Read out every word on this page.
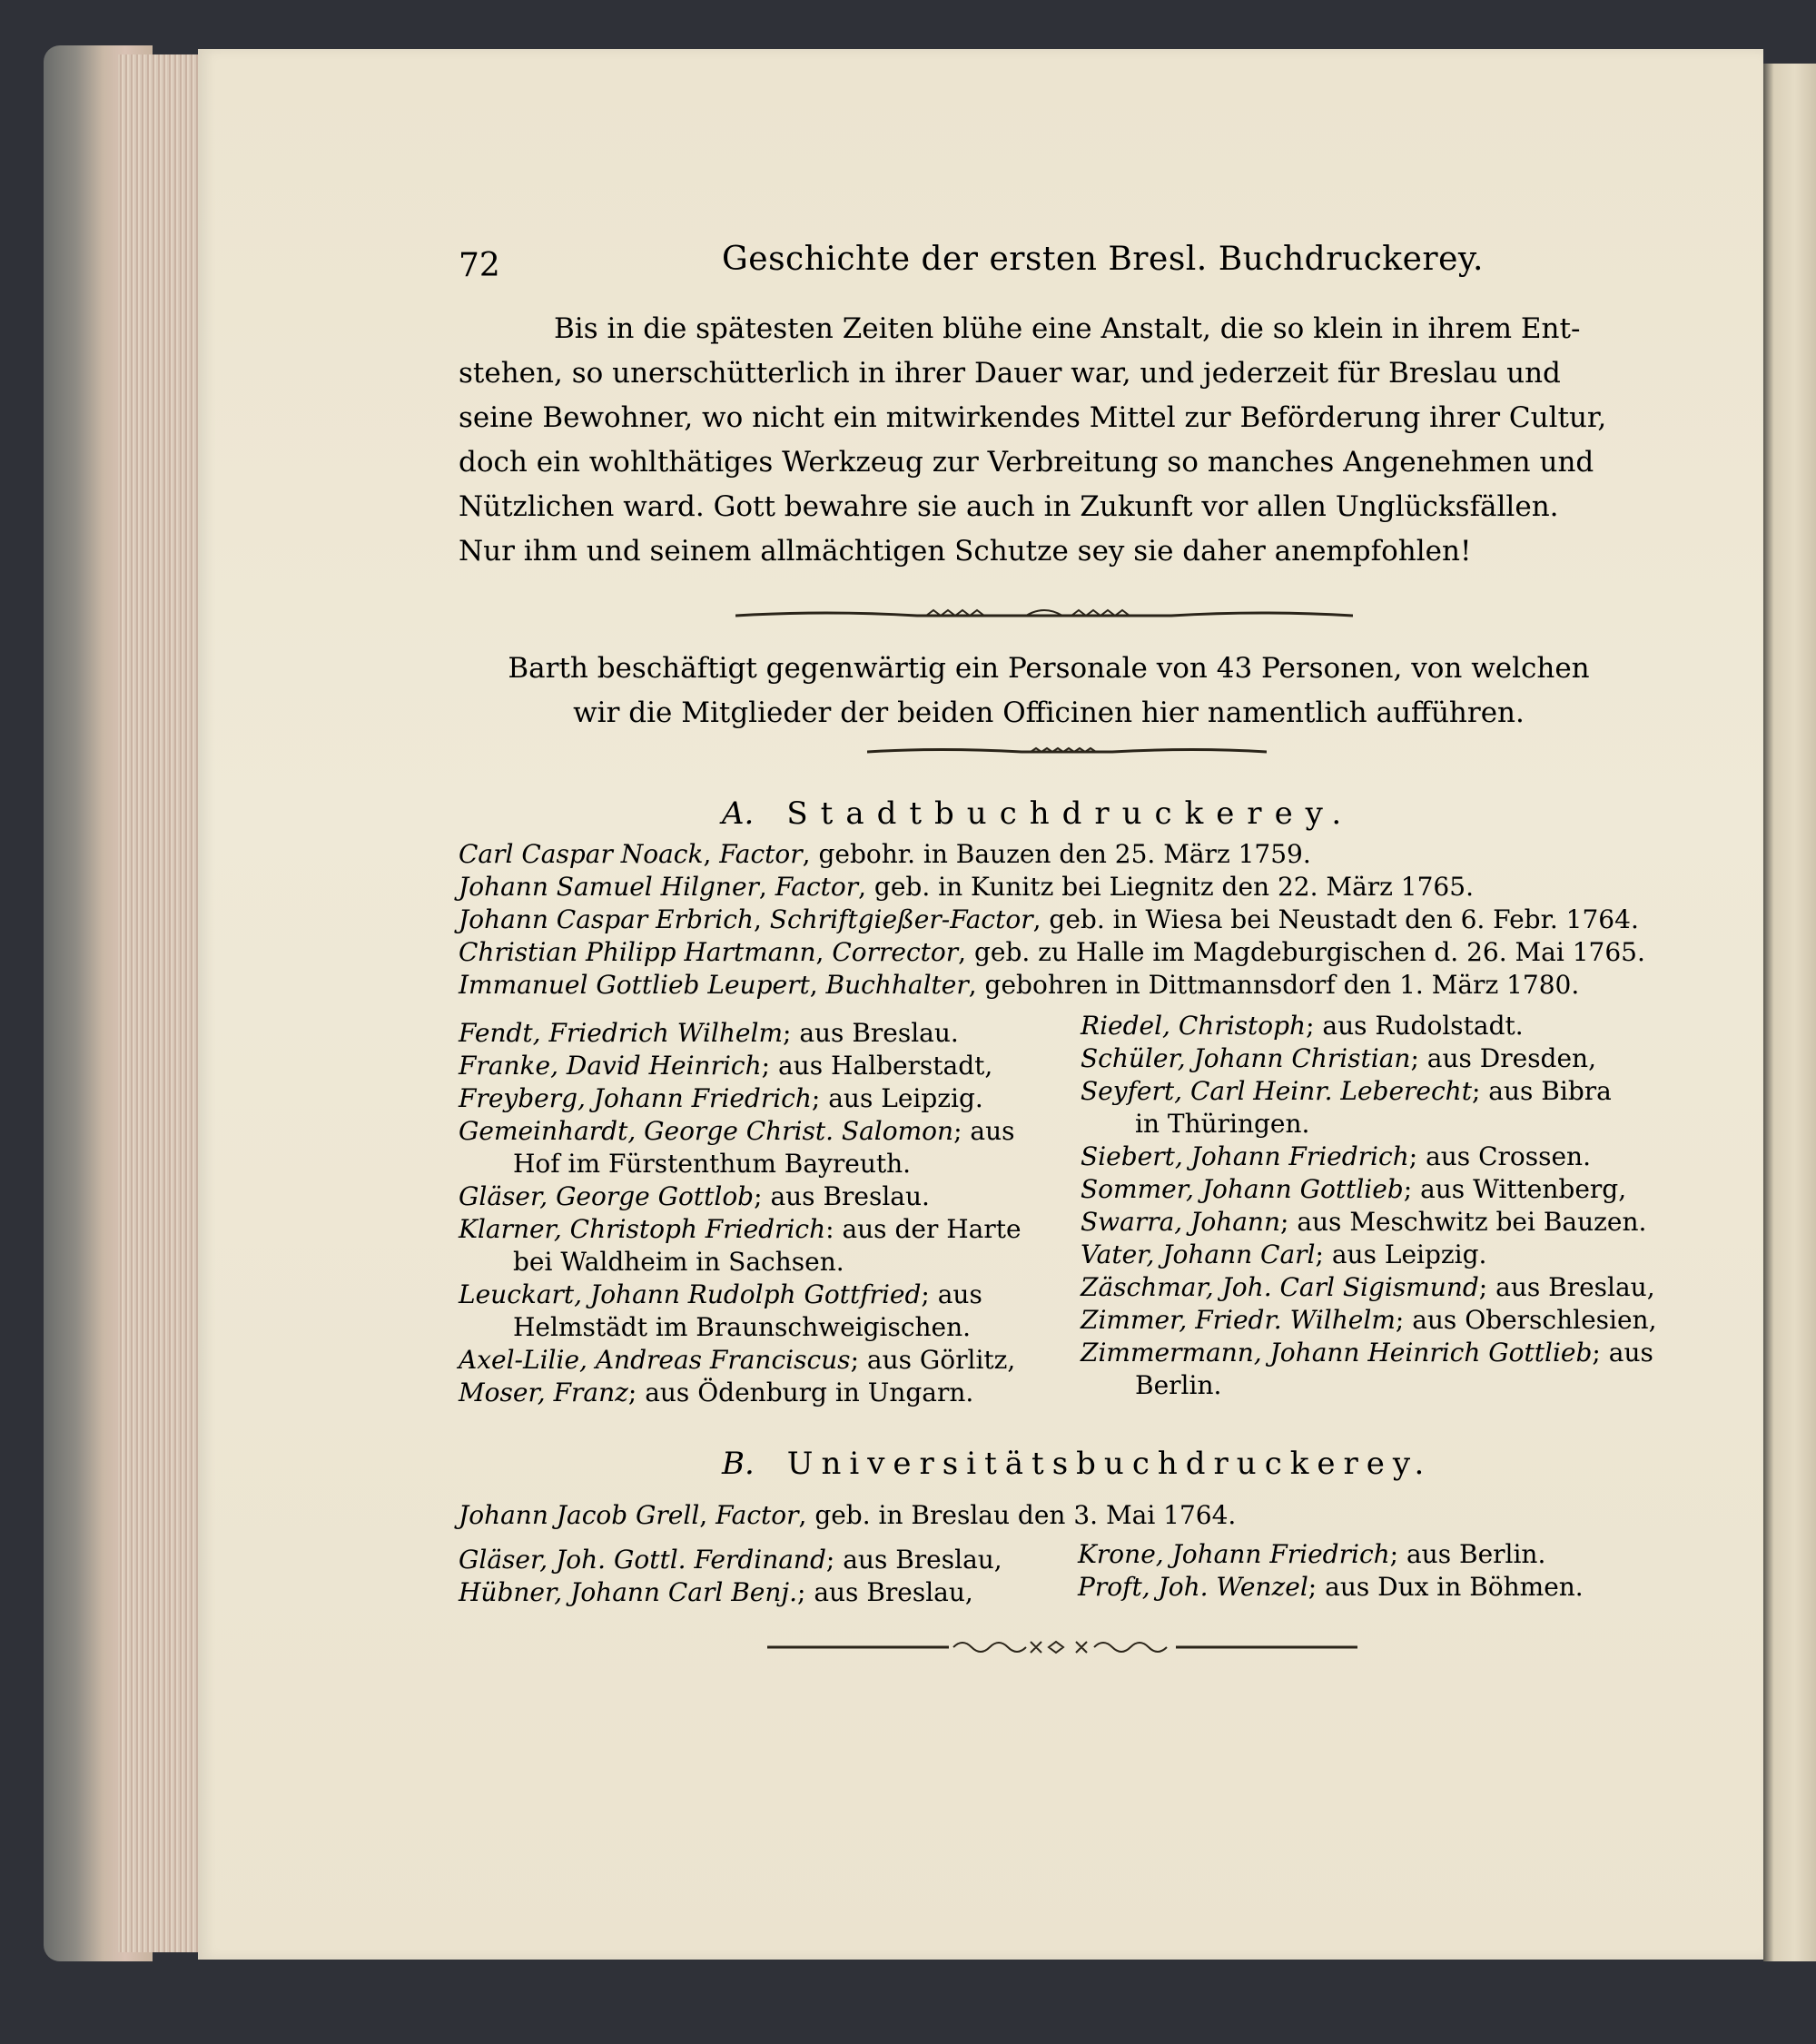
72	Geschichte der ersten Bresl. Buchdruckerey.
Bis in die spätesten Zeiten blühe eine Anstalt, die so klein in ihrem Ent-
stehen, so unerschütterlich in ihrer Dauer war, und jederzeit für Breslau und
seine Bewohner, wo nicht ein mitwirkendes Mittel zur Beförderung ihrer Cultur,
doch ein wohlthätiges Werkzeug zur Verbreitung so manches Angenehmen und
Nützlichen ward. Gott bewahre sie auch in Zukunft vor allen Unglücksfällen.
Nur ihm und seinem allmächtigen Schutze sey sie daher anempfohlen!
Barth beschäftigt gegenwärtig ein Personale von 43 Personen, von welchen
wir die Mitglieder der beiden Officinen hier namentlich aufführen.
A. Stadtbuchdruckerey.
Carl Caspar Noack, Factor, gebohr. in Bauzen den 25. März 1759.
Johann Samuel Hilgner, Factor, geb. in Kunitz bei Liegnitz den 22. März 1765.
Johann Caspar Erbrich, Schriftgießer-Factor, geb. in Wiesa bei Neustadt den 6. Febr. 1764.
Christian Philipp Hartmann, Corrector, geb. zu Halle im Magdeburgischen d. 26. Mai 1765.
Immanuel Gottlieb Leupert, Buchhalter, gebohren in Dittmannsdorf den 1. März 1780.
Fendt, Friedrich Wilhelm; aus Breslau.
Franke, David Heinrich; aus Halberstadt,
Freyberg, Johann Friedrich; aus Leipzig.
Gemeinhardt, George Christ. Salomon; aus
Hof im Fürstenthum Bayreuth.
Gläser, George Gottlob; aus Breslau.
Klarner, Christoph Friedrich: aus der Harte
bei Waldheim in Sachsen.
Leuckart, Johann Rudolph Gottfried; aus
Helmstädt im Braunschweigischen.
Axel-Lilie, Andreas Franciscus; aus Görlitz,
Moser, Franz; aus Ödenburg in Ungarn.
Riedel, Christoph; aus Rudolstadt.
Schüler, Johann Christian; aus Dresden,
Seyfert, Carl Heinr. Leberecht; aus Bibra
in Thüringen.
Siebert, Johann Friedrich; aus Crossen.
Sommer, Johann Gottlieb; aus Wittenberg,
Swarra, Johann; aus Meschwitz bei Bauzen.
Vater, Johann Carl; aus Leipzig.
Zäschmar, Joh. Carl Sigismund; aus Breslau,
Zimmer, Friedr. Wilhelm; aus Oberschlesien,
Zimmermann, Johann Heinrich Gottlieb; aus
Berlin.
B. Universitätsbuchdruckerey.
Johann Jacob Grell, Factor, geb. in Breslau den 3. Mai 1764.
Gläser, Joh. Gottl. Ferdinand; aus Breslau,
Hübner, Johann Carl Benj.; aus Breslau,
Krone, Johann Friedrich; aus Berlin.
Proft, Joh. Wenzel; aus Dux in Böhmen.
